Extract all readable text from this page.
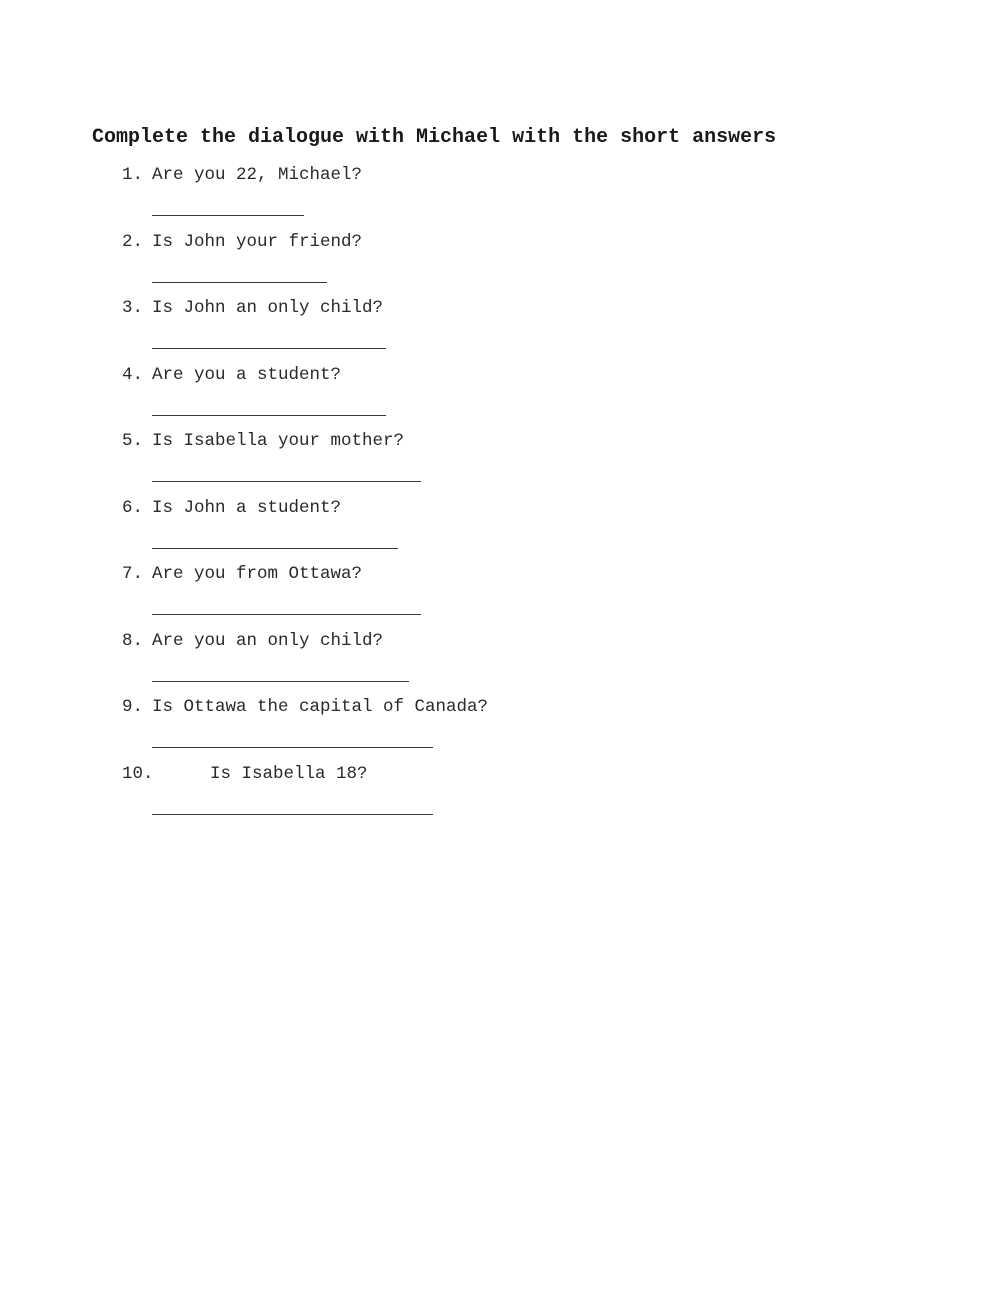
Complete the dialogue with Michael with the short answers
1. Are you 22, Michael?
2. Is John your friend?
3. Is John an only child?
4. Are you a student?
5. Is Isabella your mother?
6. Is John a student?
7. Are you from Ottawa?
8. Are you an only child?
9. Is Ottawa the capital of Canada?
10.	Is Isabella 18?
